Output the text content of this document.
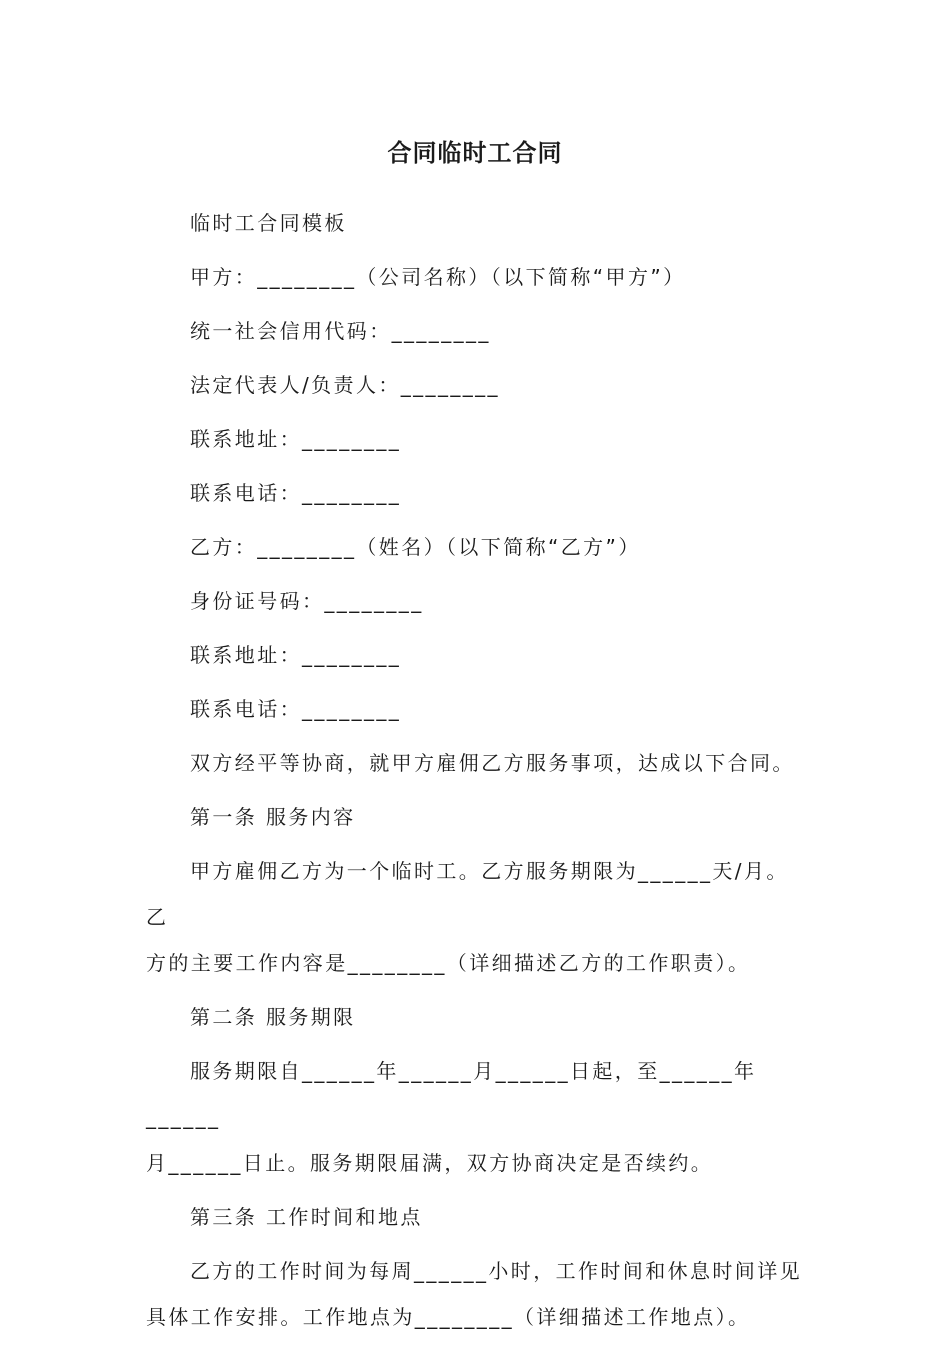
合同临时工合同

临时工合同模板

甲方：________（公司名称）（以下简称“甲方”）

统一社会信用代码：________

法定代表人/负责人：________

联系地址：________

联系电话：________

乙方：________（姓名）（以下简称“乙方”）

身份证号码：________

联系地址：________

联系电话：________

双方经平等协商，就甲方雇佣乙方服务事项，达成以下合同。

第一条 服务内容

甲方雇佣乙方为一个临时工。乙方服务期限为______天/月。乙
方的主要工作内容是________（详细描述乙方的工作职责）。

第二条 服务期限

服务期限自______年______月______日起，至______年______
月______日止。服务期限届满，双方协商决定是否续约。

第三条 工作时间和地点

乙方的工作时间为每周______小时，工作时间和休息时间详见
具体工作安排。工作地点为________（详细描述工作地点）。
